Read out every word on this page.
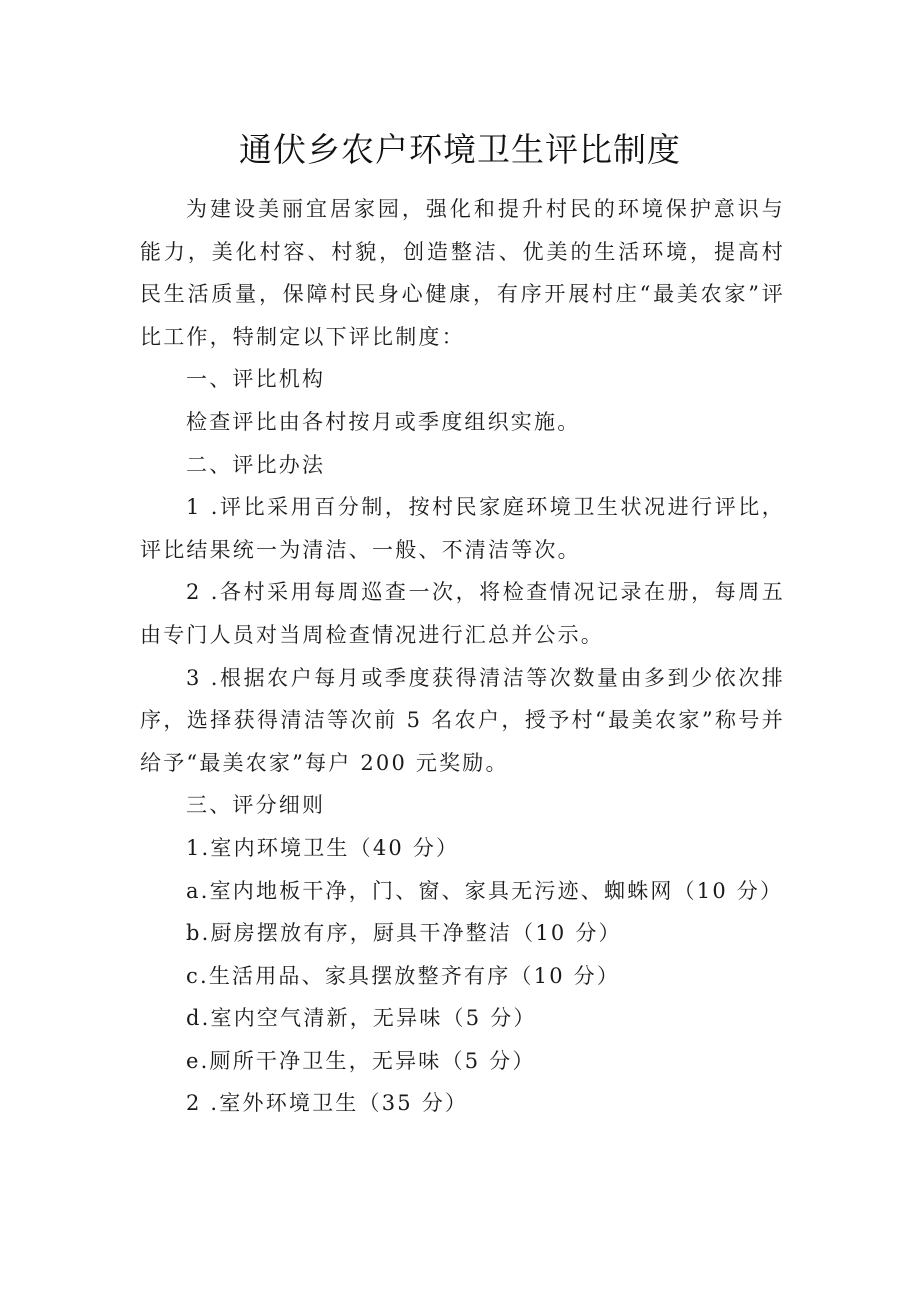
通伏乡农户环境卫生评比制度

为建设美丽宜居家园，强化和提升村民的环境保护意识与能力，美化村容、村貌，创造整洁、优美的生活环境，提高村民生活质量，保障村民身心健康，有序开展村庄“最美农家”评比工作，特制定以下评比制度：

一、评比机构

检查评比由各村按月或季度组织实施。

二、评比办法

1 .评比采用百分制，按村民家庭环境卫生状况进行评比，评比结果统一为清洁、一般、不清洁等次。

2 .各村采用每周巡查一次，将检查情况记录在册，每周五由专门人员对当周检查情况进行汇总并公示。

3 .根据农户每月或季度获得清洁等次数量由多到少依次排序，选择获得清洁等次前 5 名农户，授予村“最美农家”称号并给予“最美农家”每户 200 元奖励。

三、评分细则

1.室内环境卫生（40 分）

a.室内地板干净，门、窗、家具无污迹、蜘蛛网（10 分）

b.厨房摆放有序，厨具干净整洁（10 分）

c.生活用品、家具摆放整齐有序（10 分）

d.室内空气清新，无异味（5 分）

e.厕所干净卫生，无异味（5 分）

2 .室外环境卫生（35 分）
